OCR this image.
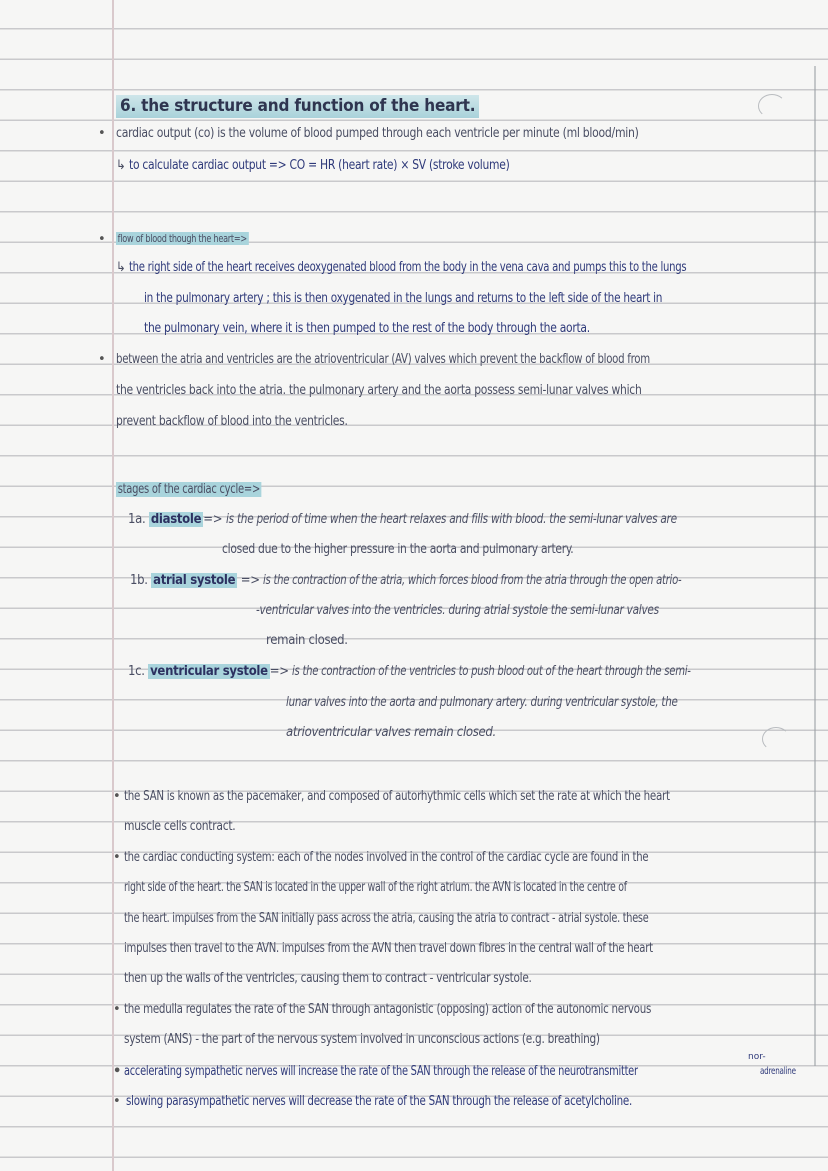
6. the structure and function of the heart.
• cardiac output (co) is the volume of blood pumped through each ventricle per minute (ml blood/min)
↳ to calculate cardiac output => CO = HR (heart rate) × SV (stroke volume)
• flow of blood though the heart=>
↳ the right side of the heart receives deoxygenated blood from the body in the vena cava and pumps this to the lungs
in the pulmonary artery ; this is then oxygenated in the lungs and returns to the left side of the heart in
the pulmonary vein, where it is then pumped to the rest of the body through the aorta.
• between the atria and ventricles are the atrioventricular (AV) valves which prevent the backflow of blood from
the ventricles back into the atria. the pulmonary artery and the aorta possess semi-lunar valves which
prevent backflow of blood into the ventricles.
stages of the cardiac cycle=>
1a. diastole => is the period of time when the heart relaxes and fills with blood. the semi-lunar valves are
closed due to the higher pressure in the aorta and pulmonary artery.
1b. atrial systole => is the contraction of the atria, which forces blood from the atria through the open atrio-
-ventricular valves into the ventricles. during atrial systole the semi-lunar valves
remain closed.
1c. ventricular systole => is the contraction of the ventricles to push blood out of the heart through the semi-
lunar valves into the aorta and pulmonary artery. during ventricular systole, the
atrioventricular valves remain closed.
• the SAN is known as the pacemaker, and composed of autorhythmic cells which set the rate at which the heart
muscle cells contract.
• the cardiac conducting system: each of the nodes involved in the control of the cardiac cycle are found in the
right side of the heart. the SAN is located in the upper wall of the right atrium. the AVN is located in the centre of
the heart. impulses from the SAN initially pass across the atria, causing the atria to contract - atrial systole. these
impulses then travel to the AVN. impulses from the AVN then travel down fibres in the central wall of the heart
then up the walls of the ventricles, causing them to contract - ventricular systole.
• the medulla regulates the rate of the SAN through antagonistic (opposing) action of the autonomic nervous
system (ANS) - the part of the nervous system involved in unconscious actions (e.g. breathing)
• accelerating sympathetic nerves will increase the rate of the SAN through the release of the neurotransmitter
nor-
adrenaline
• slowing parasympathetic nerves will decrease the rate of the SAN through the release of acetylcholine.
